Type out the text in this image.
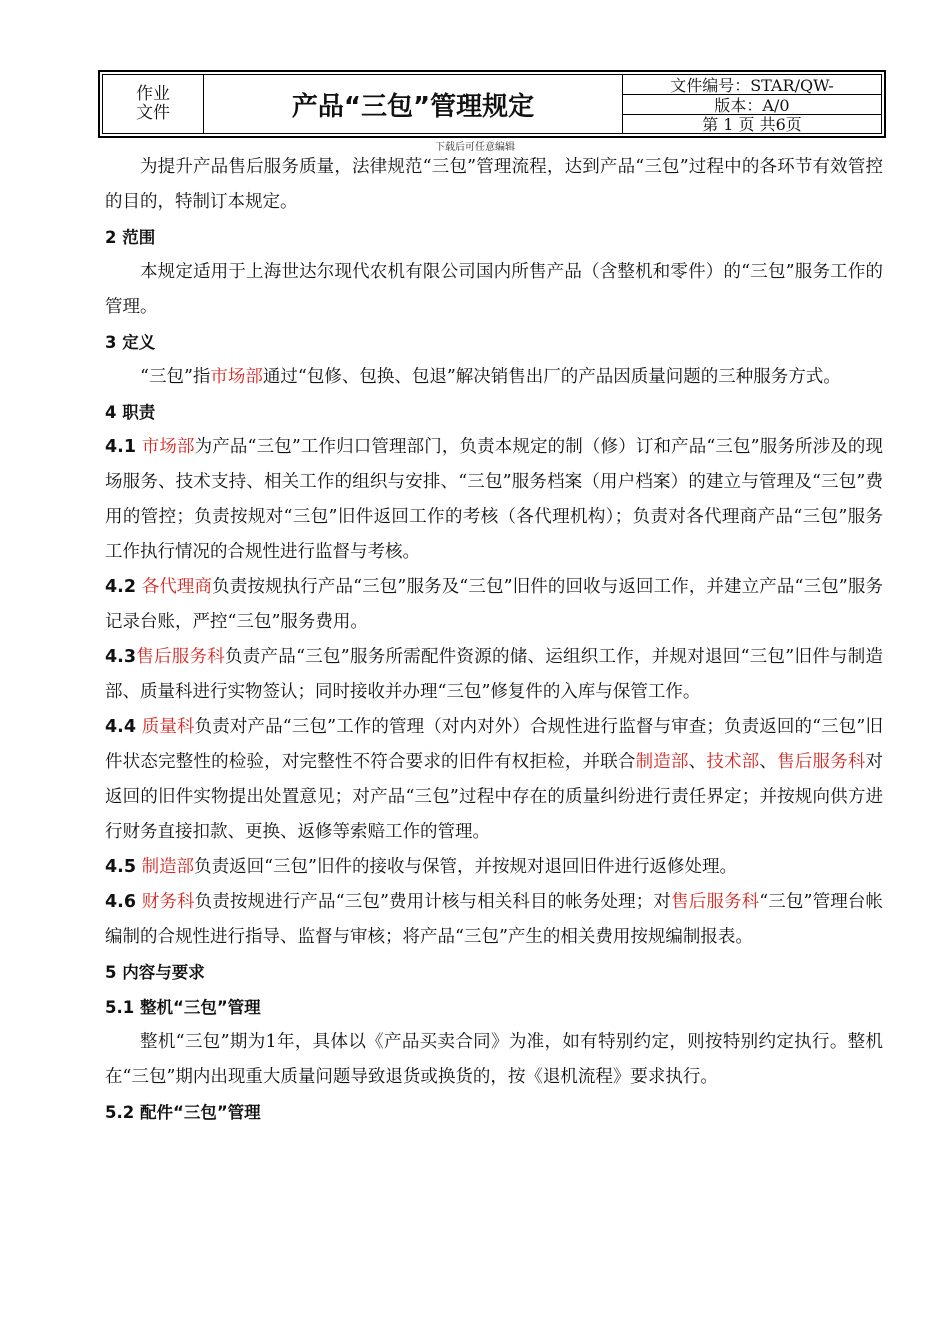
作业
文件	产品“三包”管理规定
文件编号：STAR/QW-
版本：A/0
第 1 页 共6页
下载后可任意编辑

为提升产品售后服务质量，法律规范“三包”管理流程，达到产品“三包”过程中的各环节有效管控的目的，特制订本规定。

2 范围

本规定适用于上海世达尔现代农机有限公司国内所售产品（含整机和零件）的“三包”服务工作的管理。

3 定义

“三包”指市场部通过“包修、包换、包退”解决销售出厂的产品因质量问题的三种服务方式。

4 职责

4.1 市场部为产品“三包”工作归口管理部门，负责本规定的制（修）订和产品“三包”服务所涉及的现场服务、技术支持、相关工作的组织与安排、“三包”服务档案（用户档案）的建立与管理及“三包”费用的管控；负责按规对“三包”旧件返回工作的考核（各代理机构）；负责对各代理商产品“三包”服务工作执行情况的合规性进行监督与考核。

4.2 各代理商负责按规执行产品“三包”服务及“三包”旧件的回收与返回工作，并建立产品“三包”服务记录台账，严控“三包”服务费用。

4.3售后服务科负责产品“三包”服务所需配件资源的储、运组织工作，并规对退回“三包”旧件与制造部、质量科进行实物签认；同时接收并办理“三包”修复件的入库与保管工作。

4.4 质量科负责对产品“三包”工作的管理（对内对外）合规性进行监督与审查；负责返回的“三包”旧件状态完整性的检验，对完整性不符合要求的旧件有权拒检，并联合制造部、技术部、售后服务科对返回的旧件实物提出处置意见；对产品“三包”过程中存在的质量纠纷进行责任界定；并按规向供方进行财务直接扣款、更换、返修等索赔工作的管理。

4.5 制造部负责返回“三包”旧件的接收与保管，并按规对退回旧件进行返修处理。

4.6 财务科负责按规进行产品“三包”费用计核与相关科目的帐务处理；对售后服务科“三包”管理台帐编制的合规性进行指导、监督与审核；将产品“三包”产生的相关费用按规编制报表。

5 内容与要求

5.1 整机“三包”管理

整机“三包”期为1年，具体以《产品买卖合同》为准，如有特别约定，则按特别约定执行。整机在“三包”期内出现重大质量问题导致退货或换货的，按《退机流程》要求执行。

5.2 配件“三包”管理
